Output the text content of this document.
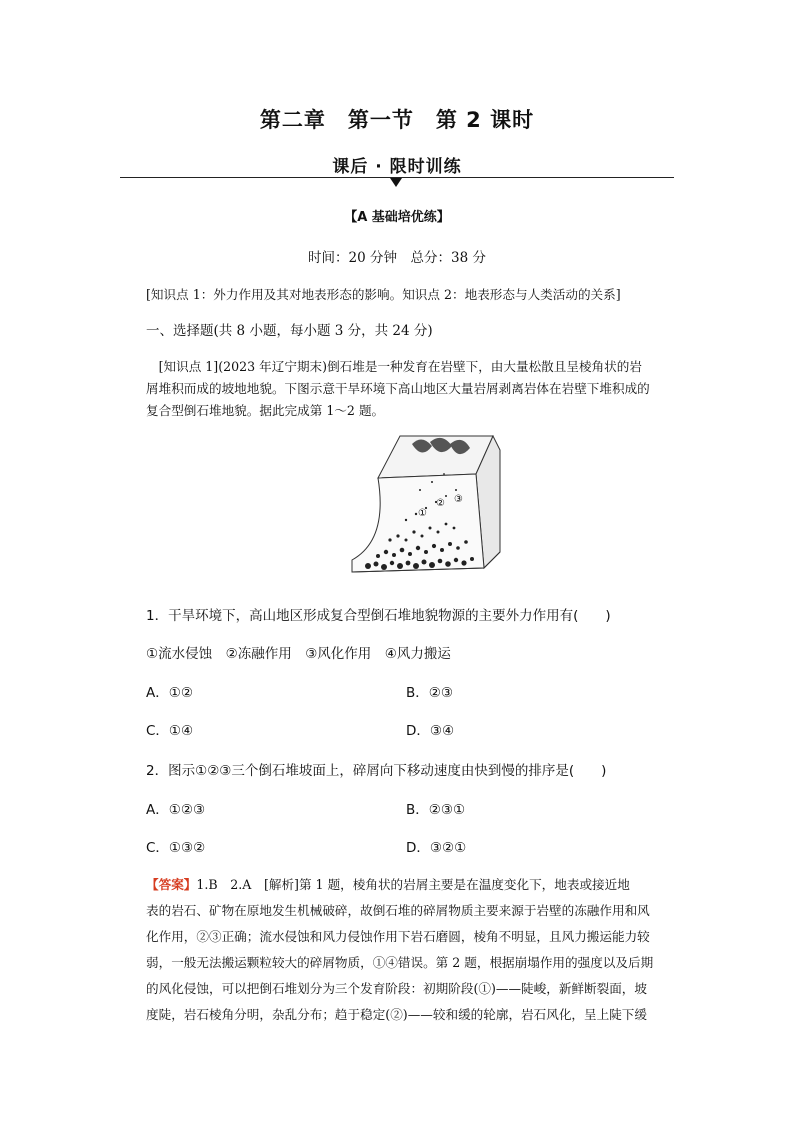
第二章　第一节　第 2 课时
课后 · 限时训练
【A 基础培优练】
时间：20 分钟　总分：38 分
[知识点 1：外力作用及其对地表形态的影响。知识点 2：地表形态与人类活动的关系]
一、选择题(共 8 小题，每小题 3 分，共 24 分)
[知识点 1](2023 年辽宁期末)倒石堆是一种发育在岩壁下，由大量松散且呈棱角状的岩
屑堆积而成的坡地地貌。下图示意干旱环境下高山地区大量岩屑剥离岩体在岩壁下堆积成的
复合型倒石堆地貌。据此完成第 1～2 题。
①
② ③
1．干旱环境下，高山地区形成复合型倒石堆地貌物源的主要外力作用有(　　)
①流水侵蚀　②冻融作用　③风化作用　④风力搬运
A．①②	B．②③
C．①④	D．③④
2．图示①②③三个倒石堆坡面上，碎屑向下移动速度由快到慢的排序是(　　)
A．①②③	B．②③①
C．①③②	D．③②①
【答案】1.B　2.A　[解析]第 1 题，棱角状的岩屑主要是在温度变化下，地表或接近地
表的岩石、矿物在原地发生机械破碎，故倒石堆的碎屑物质主要来源于岩壁的冻融作用和风
化作用，②③正确；流水侵蚀和风力侵蚀作用下岩石磨圆，棱角不明显，且风力搬运能力较
弱，一般无法搬运颗粒较大的碎屑物质，①④错误。第 2 题，根据崩塌作用的强度以及后期
的风化侵蚀，可以把倒石堆划分为三个发育阶段：初期阶段(①)——陡峻，新鲜断裂面，坡
度陡，岩石棱角分明，杂乱分布；趋于稳定(②)——较和缓的轮廓，岩石风化，呈上陡下缓
